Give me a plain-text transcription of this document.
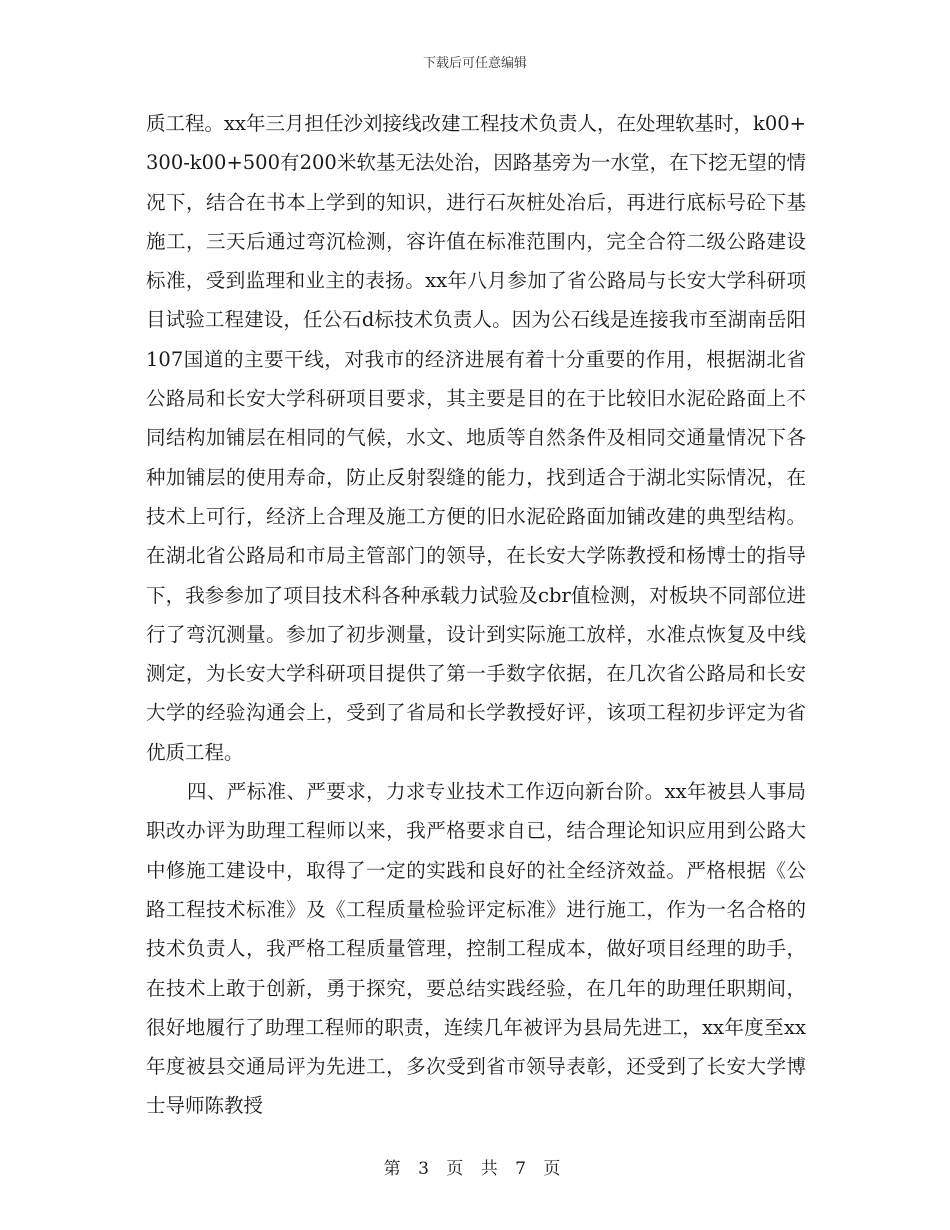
下载后可任意编辑

质工程。xx年三月担任沙刘接线改建工程技术负责人，在处理软基时，k00+300-k00+500有200米软基无法处治，因路基旁为一水堂，在下挖无望的情况下，结合在书本上学到的知识，进行石灰桩处冶后，再进行底标号砼下基施工，三天后通过弯沉检测，容许值在标准范围内，完全合符二级公路建设标准，受到监理和业主的表扬。xx年八月参加了省公路局与长安大学科研项目试验工程建设，任公石d标技术负责人。因为公石线是连接我市至湖南岳阳107国道的主要干线，对我市的经济进展有着十分重要的作用，根据湖北省公路局和长安大学科研项目要求，其主要是目的在于比较旧水泥砼路面上不同结构加铺层在相同的气候，水文、地质等自然条件及相同交通量情况下各种加铺层的使用寿命，防止反射裂缝的能力，找到适合于湖北实际情况，在技术上可行，经济上合理及施工方便的旧水泥砼路面加铺改建的典型结构。在湖北省公路局和市局主管部门的领导，在长安大学陈教授和杨博士的指导下，我参参加了项目技术科各种承载力试验及cbr值检测，对板块不同部位进行了弯沉测量。参加了初步测量，设计到实际施工放样，水准点恢复及中线测定，为长安大学科研项目提供了第一手数字依据，在几次省公路局和长安大学的经验沟通会上，受到了省局和长学教授好评，该项工程初步评定为省优质工程。

四、严标准、严要求，力求专业技术工作迈向新台阶。xx年被县人事局职改办评为助理工程师以来，我严格要求自已，结合理论知识应用到公路大中修施工建设中，取得了一定的实践和良好的社全经济效益。严格根据《公路工程技术标准》及《工程质量检验评定标准》进行施工，作为一名合格的技术负责人，我严格工程质量管理，控制工程成本，做好项目经理的助手，在技术上敢于创新，勇于探究，要总结实践经验，在几年的助理任职期间，很好地履行了助理工程师的职责，连续几年被评为县局先进工，xx年度至xx年度被县交通局评为先进工，多次受到省市领导表彰，还受到了长安大学博士导师陈教授

第 3 页 共 7 页
